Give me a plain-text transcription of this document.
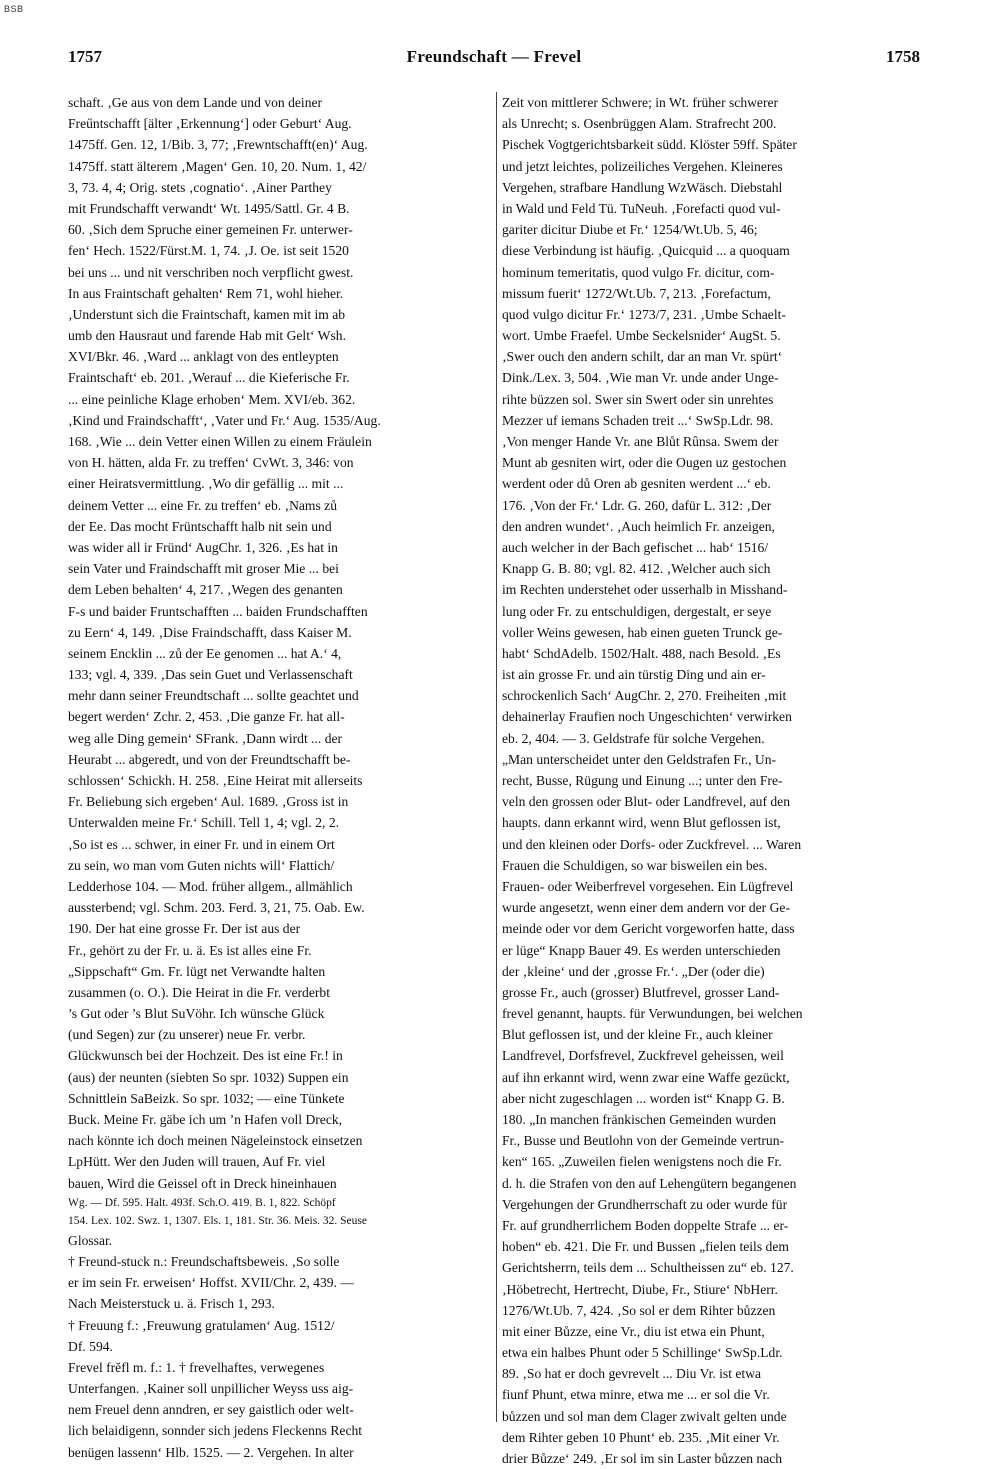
BSB
1757	Freundschaft — Frevel	1758
schaft. ‚Ge aus von dem Lande und von deiner
Freűntschafft [älter ‚Erkennung‘] oder Geburt‘ Aug.
1475ff. Gen. 12, 1/Bib. 3, 77; ‚Frewntschafft(en)‘ Aug.
1475ff. statt älterem ‚Magen‘ Gen. 10, 20. Num. 1, 42/
3, 73. 4, 4; Orig. stets ‚cognatio‘. ‚Ainer Parthey
mit Frundschafft verwandt‘ Wt. 1495/Sattl. Gr. 4 B.
60. ‚Sich dem Spruche einer gemeinen Fr. unterwer-
fen‘ Hech. 1522/Fürst.M. 1, 74. ‚J. Oe. ist seit 1520
bei uns ... und nit verschriben noch verpflicht gwest.
In aus Fraintschaft gehalten‘ Rem 71, wohl hieher.
‚Understunt sich die Fraintschaft, kamen mit im ab
umb den Hausraut und farende Hab mit Gelt‘ Wsh.
XVI/Bkr. 46. ‚Ward ... anklagt von des entleypten
Fraintschaft‘ eb. 201. ‚Werauf ... die Kieferische Fr.
... eine peinliche Klage erhoben‘ Mem. XVI/eb. 362.
‚Kind und Fraindschafft‘, ‚Vater und Fr.‘ Aug. 1535/Aug.
168. ‚Wie ... dein Vetter einen Willen zu einem Fräulein
von H. hätten, alda Fr. zu treffen‘ CvWt. 3, 346: von
einer Heiratsvermittlung. ‚Wo dir gefällig ... mit ...
deinem Vetter ... eine Fr. zu treffen‘ eb. ‚Nams zů
der Ee. Das mocht Früntschafft halb nit sein und
was wider all ir Fründ‘ AugChr. 1, 326. ‚Es hat in
sein Vater und Fraindschafft mit groser Mie ... bei
dem Leben behalten‘ 4, 217. ‚Wegen des genanten
F-s und baider Fruntschafften ... baiden Frundschafften
zu Eern‘ 4, 149. ‚Dise Fraindschafft, dass Kaiser M.
seinem Encklin ... zů der Ee genomen ... hat A.‘ 4,
133; vgl. 4, 339. ‚Das sein Guet und Verlassenschaft
mehr dann seiner Freundtschaft ... sollte geachtet und
begert werden‘ Zchr. 2, 453. ‚Die ganze Fr. hat all-
weg alle Ding gemein‘ SFrank. ‚Dann wirdt ... der
Heurabt ... abgeredt, und von der Freundtschafft be-
schlossen‘ Schickh. H. 258. ‚Eine Heirat mit allerseits
Fr. Beliebung sich ergeben‘ Aul. 1689. ‚Gross ist in
Unterwalden meine Fr.‘ Schill. Tell 1, 4; vgl. 2, 2.
‚So ist es ... schwer, in einer Fr. und in einem Ort
zu sein, wo man vom Guten nichts will‘ Flattich/
Ledderhose 104. — Mod. früher allgem., allmählich
aussterbend; vgl. Schm. 203. Ferd. 3, 21, 75. Oab. Ew.
190. Der hat eine grosse Fr. Der ist aus der
Fr., gehört zu der Fr. u. ä. Es ist alles eine Fr.
„Sippschaft“ Gm. Fr. lügt net Verwandte halten
zusammen (o. O.). Die Heirat in die Fr. verderbt
’s Gut oder ’s Blut SuVöhr. Ich wünsche Glück
(und Segen) zur (zu unserer) neue Fr. verbr.
Glückwunsch bei der Hochzeit. Des ist eine Fr.! in
(aus) der neunten (siebten So spr. 1032) Suppen ein
Schnittlein SaBeizk. So spr. 1032; — eine Tünkete
Buck. Meine Fr. gäbe ich um ’n Hafen voll Dreck,
nach könnte ich doch meinen Nägeleinstock einsetzen
LpHütt. Wer den Juden will trauen, Auf Fr. viel
bauen, Wird die Geissel oft in Dreck hineinhauen
Wg. — Df. 595. Halt. 493f. Sch.O. 419. B. 1, 822. Schöpf
154. Lex. 102. Swz. 1, 1307. Els. 1, 181. Str. 36. Meis. 32. Seuse
Glossar.
† Freund-stuck n.: Freundschaftsbeweis. ‚So solle
er im sein Fr. erweisen‘ Hoffst. XVII/Chr. 2, 439. —
Nach Meisterstuck u. ä. Frisch 1, 293.
† Freuung f.: ‚Freuwung gratulamen‘ Aug. 1512/
Df. 594.
Frevel frĕfl m. f.: 1. † frevelhaftes, verwegenes
Unterfangen. ‚Kainer soll unpillicher Weyss uss aig-
nem Freuel denn anndren, er sey gaistlich oder welt-
lich belaidigenn, sonnder sich jedens Fleckenns Recht
benügen lassenn‘ Hlb. 1525. — 2. Vergehen. In alter
Zeit von mittlerer Schwere; in Wt. früher schwerer
als Unrecht; s. Osenbrüggen Alam. Strafrecht 200.
Pischek Vogtgerichtsbarkeit südd. Klöster 59ff. Später
und jetzt leichtes, polizeiliches Vergehen. Kleineres
Vergehen, strafbare Handlung WzWäsch. Diebstahl
in Wald und Feld Tü. TuNeuh. ‚Forefacti quod vul-
gariter dicitur Diube et Fr.‘ 1254/Wt.Ub. 5, 46;
diese Verbindung ist häufig. ‚Quicquid ... a quoquam
hominum temeritatis, quod vulgo Fr. dicitur, com-
missum fuerit‘ 1272/Wt.Ub. 7, 213. ‚Forefactum,
quod vulgo dicitur Fr.‘ 1273/7, 231. ‚Umbe Schaelt-
wort. Umbe Fraefel. Umbe Seckelsnider‘ AugSt. 5.
‚Swer ouch den andern schilt, dar an man Vr. spürt‘
Dink./Lex. 3, 504. ‚Wie man Vr. unde ander Unge-
rihte büzzen sol. Swer sin Swert oder sin unrehtes
Mezzer uf iemans Schaden treit ...‘ SwSp.Ldr. 98.
‚Von menger Hande Vr. ane Blůt Rûnsa. Swem der
Munt ab gesniten wirt, oder die Ougen uz gestochen
werdent oder dů Oren ab gesniten werdent ...‘ eb.
176. ‚Von der Fr.‘ Ldr. G. 260, dafür L. 312: ‚Der
den andren wundet‘. ‚Auch heimlich Fr. anzeigen,
auch welcher in der Bach gefischet ... hab‘ 1516/
Knapp G. B. 80; vgl. 82. 412. ‚Welcher auch sich
im Rechten understehet oder usserhalb in Misshand-
lung oder Fr. zu entschuldigen, dergestalt, er seye
voller Weins gewesen, hab einen gueten Trunck ge-
habt‘ SchdAdelb. 1502/Halt. 488, nach Besold. ‚Es
ist ain grosse Fr. und ain türstig Ding und ain er-
schrockenlich Sach‘ AugChr. 2, 270. Freiheiten ‚mit
dehainerlay Fraufien noch Ungeschichten‘ verwirken
eb. 2, 404. — 3. Geldstrafe für solche Vergehen.
„Man unterscheidet unter den Geldstrafen Fr., Un-
recht, Busse, Rügung und Einung ...; unter den Fre-
veln den grossen oder Blut- oder Landfrevel, auf den
haupts. dann erkannt wird, wenn Blut geflossen ist,
und den kleinen oder Dorfs- oder Zuckfrevel. ... Waren
Frauen die Schuldigen, so war bisweilen ein bes.
Frauen- oder Weiberfrevel vorgesehen. Ein Lügfrevel
wurde angesetzt, wenn einer dem andern vor der Ge-
meinde oder vor dem Gericht vorgeworfen hatte, dass
er lüge“ Knapp Bauer 49. Es werden unterschieden
der ‚kleine‘ und der ‚grosse Fr.‘. „Der (oder die)
grosse Fr., auch (grosser) Blutfrevel, grosser Land-
frevel genannt, haupts. für Verwundungen, bei welchen
Blut geflossen ist, und der kleine Fr., auch kleiner
Landfrevel, Dorfsfrevel, Zuckfrevel geheissen, weil
auf ihn erkannt wird, wenn zwar eine Waffe gezückt,
aber nicht zugeschlagen ... worden ist“ Knapp G. B.
180. „In manchen fränkischen Gemeinden wurden
Fr., Busse und Beutlohn von der Gemeinde vertrun-
ken“ 165. „Zuweilen fielen wenigstens noch die Fr.
d. h. die Strafen von den auf Lehengütern begangenen
Vergehungen der Grundherrschaft zu oder wurde für
Fr. auf grundherrlichem Boden doppelte Strafe ... er-
hoben“ eb. 421. Die Fr. und Bussen „fielen teils dem
Gerichtsherrn, teils dem ... Schultheissen zu“ eb. 127.
‚Höbetrecht, Hertrecht, Diube, Fr., Stiure‘ NbHerr.
1276/Wt.Ub. 7, 424. ‚So sol er dem Rihter bůzzen
mit einer Bůzze, eine Vr., diu ist etwa ein Phunt,
etwa ein halbes Phunt oder 5 Schillinge‘ SwSp.Ldr.
89. ‚So hat er doch gevrevelt ... Diu Vr. ist etwa
fiunf Phunt, etwa minre, etwa me ... er sol die Vr.
bůzzen und sol man dem Clager zwivalt gelten unde
dem Rihter geben 10 Phunt‘ eb. 235. ‚Mit einer Vr.
drier Bůzze‘ 249. ‚Er sol im sin Laster bůzzen nach
